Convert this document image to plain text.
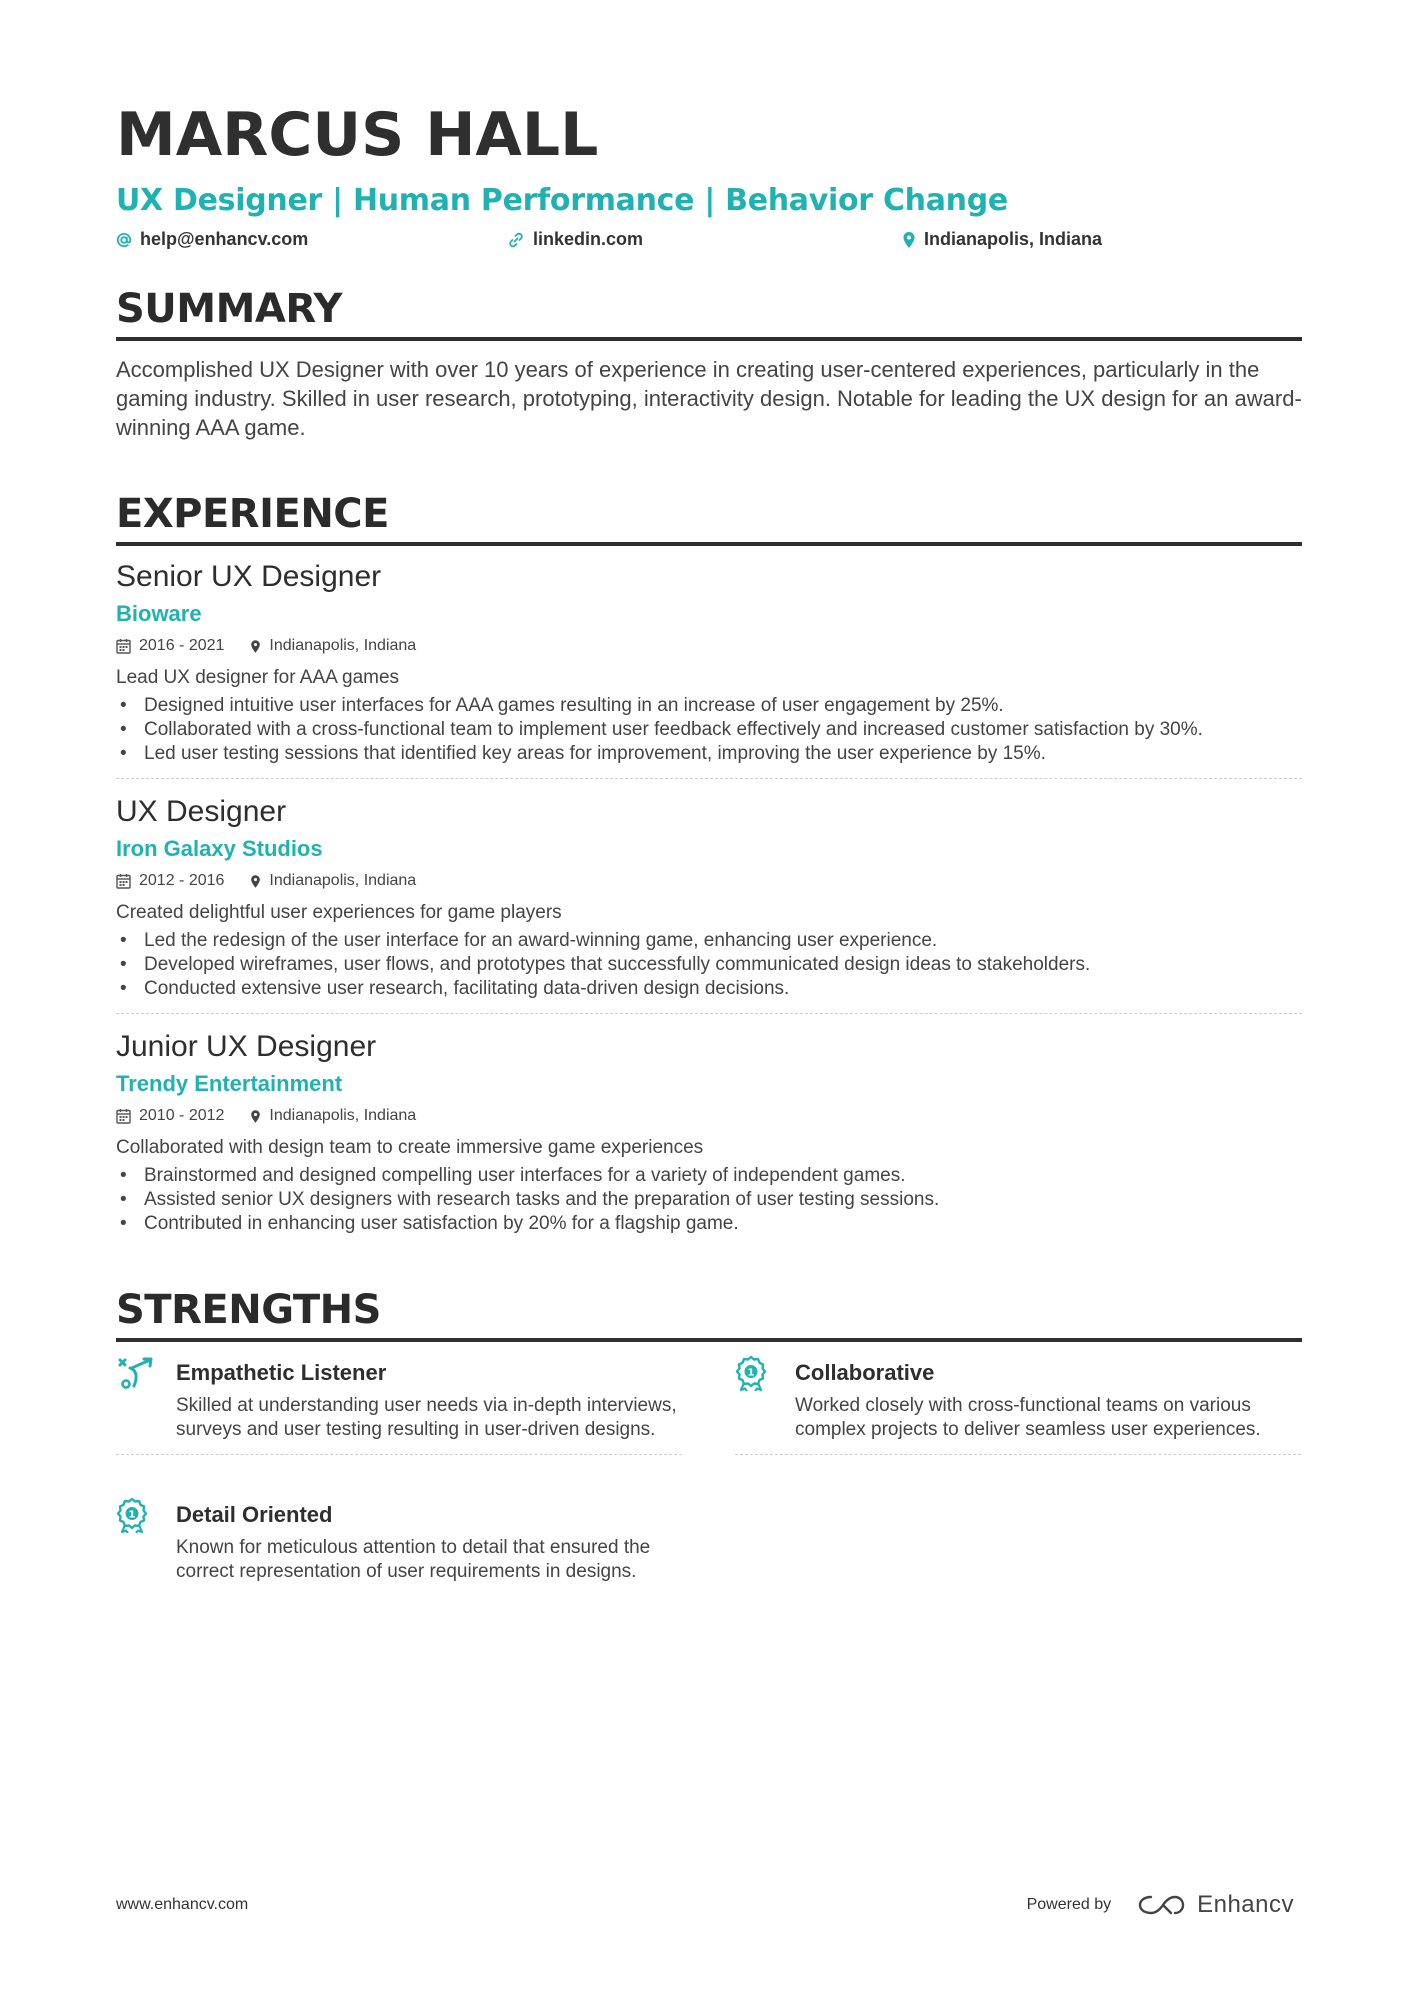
MARCUS HALL
UX Designer | Human Performance | Behavior Change
help@enhancv.com	linkedin.com	Indianapolis, Indiana
SUMMARY
Accomplished UX Designer with over 10 years of experience in creating user-centered experiences, particularly in the gaming industry. Skilled in user research, prototyping, interactivity design. Notable for leading the UX design for an award-winning AAA game.
EXPERIENCE
Senior UX Designer
Bioware
2016 - 2021	Indianapolis, Indiana
Lead UX designer for AAA games
• Designed intuitive user interfaces for AAA games resulting in an increase of user engagement by 25%.
• Collaborated with a cross-functional team to implement user feedback effectively and increased customer satisfaction by 30%.
• Led user testing sessions that identified key areas for improvement, improving the user experience by 15%.
UX Designer
Iron Galaxy Studios
2012 - 2016	Indianapolis, Indiana
Created delightful user experiences for game players
• Led the redesign of the user interface for an award-winning game, enhancing user experience.
• Developed wireframes, user flows, and prototypes that successfully communicated design ideas to stakeholders.
• Conducted extensive user research, facilitating data-driven design decisions.
Junior UX Designer
Trendy Entertainment
2010 - 2012	Indianapolis, Indiana
Collaborated with design team to create immersive game experiences
• Brainstormed and designed compelling user interfaces for a variety of independent games.
• Assisted senior UX designers with research tasks and the preparation of user testing sessions.
• Contributed in enhancing user satisfaction by 20% for a flagship game.
STRENGTHS
Empathetic Listener
Skilled at understanding user needs via in-depth interviews, surveys and user testing resulting in user-driven designs.
1 Collaborative
Worked closely with cross-functional teams on various complex projects to deliver seamless user experiences.
1 Detail Oriented
Known for meticulous attention to detail that ensured the correct representation of user requirements in designs.
www.enhancv.com	Powered by	Enhancv
